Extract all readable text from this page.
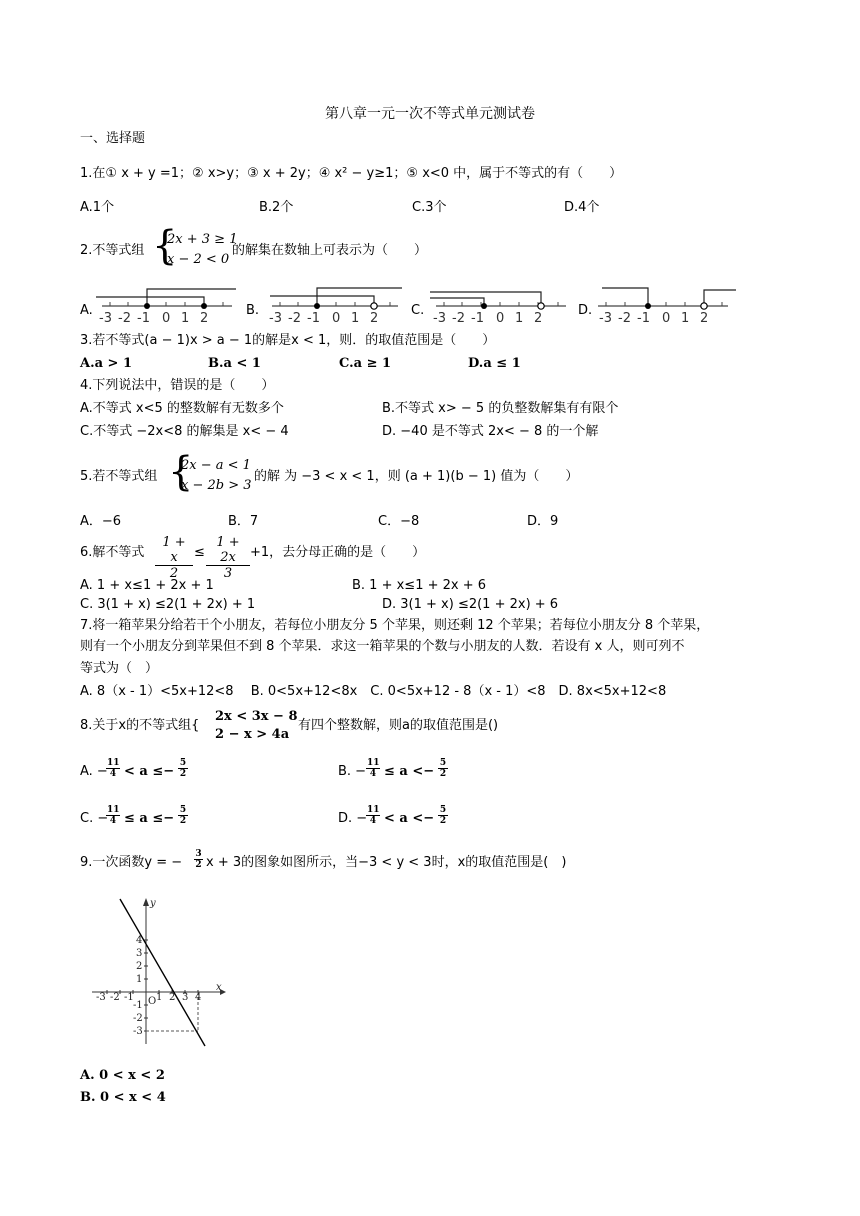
第八章一元一次不等式单元测试卷
一、选择题
1.在① x + y =1；② x>y；③ x + 2y；④ x² − y≥1；⑤ x<0 中，属于不等式的有（　　）
A.1个	B.2个	C.3个	D.4个
2.不等式组 {
2x + 3 ≥ 1
x − 2 < 0
的解集在数轴上可表示为（　　）
A.	B.	C.	D.
-3 -2 -1 0 1 2	-3 -2 -1 0 1 2	-3 -2 -1 0 1 2	-3 -2 -1 0 1 2
3.若不等式(a − 1)x > a − 1的解是x < 1，则．的取值范围是（　　）
A.a > 1	B.a < 1	C.a ≥ 1	D.a ≤ 1
4.下列说法中，错误的是（　　）
A.不等式 x<5 的整数解有无数多个	B.不等式 x> − 5 的负整数解集有有限个
C.不等式 −2x<8 的解集是 x< − 4	D. −40 是不等式 2x< − 8 的一个解
5.若不等式组 {
2x − a < 1
x − 2b > 3
的解 为 −3 < x < 1，则 (a + 1)(b − 1) 值为（　　）
A．−6	B．7	C．−8	D．9
6.解不等式 $\frac{1 + x}{2} \le \frac{1 + 2x}{3} +1$，去分母正确的是（　　）
A. 1 + x≤1 + 2x + 1	B. 1 + x≤1 + 2x + 6
C. 3(1 + x) ≤2(1 + 2x) + 1	D. 3(1 + x) ≤2(1 + 2x) + 6
7.将一箱苹果分给若干个小朋友，若每位小朋友分 5 个苹果，则还剩 12 个苹果；若每位小朋友分 8 个苹果，
则有一个小朋友分到苹果但不到 8 个苹果．求这一箱苹果的个数与小朋友的人数．若设有 x 人，则可列不
等式为（　）
A. 8（x - 1）<5x+12<8　 B. 0<5x+12<8x　C. 0<5x+12 - 8（x - 1）<8　D. 8x<5x+12<8
8.关于x的不等式组{
2x < 3x − 8
2 − x > 4a
有四个整数解，则a的取值范围是()
A. −
$\frac{11}{4} < a \le- \frac{5}{2}$	B. − $\frac{11}{4} \le a <- \frac{5}{2}$
C. −
$\frac{11}{4} \le a \le- \frac{5}{2}$	D. −
$\frac{11}{4} < a <- \frac{5}{2}$
9.一次函数y = − $\frac{3}{2}$ x + 3的图象如图所示，当−3 < y < 3时，x的取值范围是(　)
x
y
O
-3 -2 -1 1 2 3 4
4
3
2
1
-1
-2
-3
A. 0 < x < 2
B. 0 < x < 4
